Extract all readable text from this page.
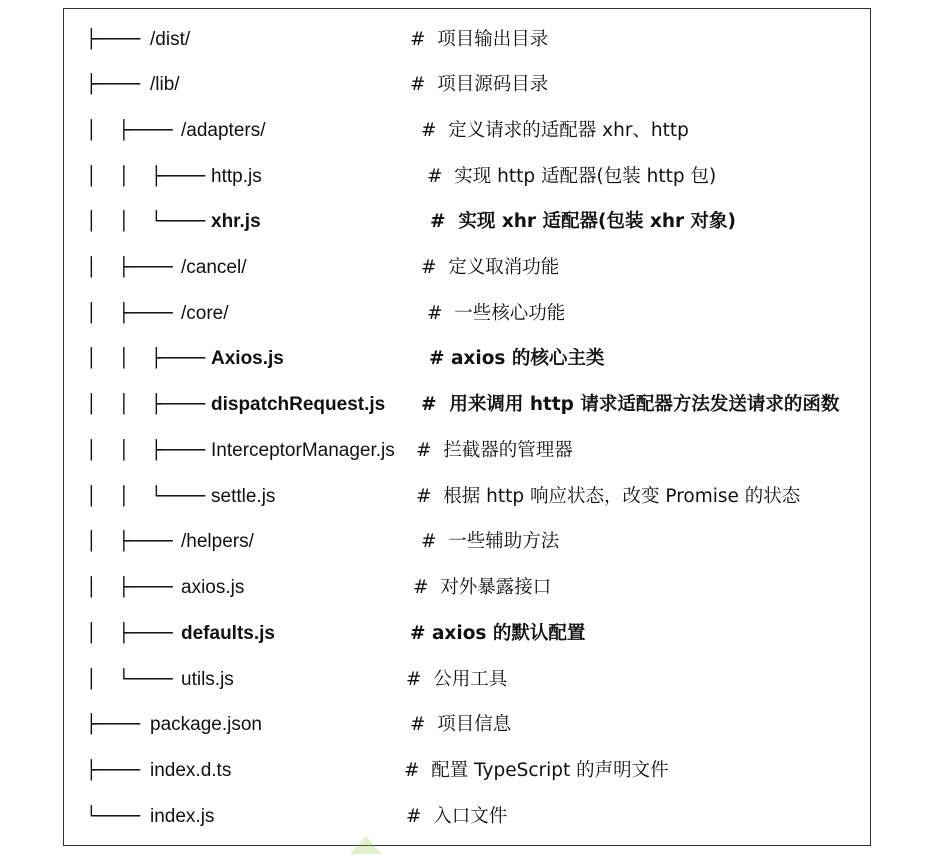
├──── /dist/	#  项目输出目录
├──── /lib/	#  项目源码目录
│  ├──── /adapters/	#  定义请求的适配器 xhr、http
│  │  ├──── http.js	#  实现 http 适配器(包装 http 包)
│  │  └──── xhr.js	#  实现 xhr 适配器(包装 xhr 对象)
│  ├──── /cancel/	#  定义取消功能
│  ├──── /core/	#  一些核心功能
│  │  ├──── Axios.js	# axios 的核心主类
│  │  ├──── dispatchRequest.js #  用来调用 http 请求适配器方法发送请求的函数
│  │  ├──── InterceptorManager.js #  拦截器的管理器
│  │  └──── settle.js	#  根据 http 响应状态，改变 Promise 的状态
│  ├──── /helpers/	#  一些辅助方法
│  ├──── axios.js	#  对外暴露接口
│  ├──── defaults.js	# axios 的默认配置
│  └──── utils.js	#  公用工具
├──── package.json	#  项目信息
├──── index.d.ts	#  配置 TypeScript 的声明文件
└──── index.js	#  入口文件
